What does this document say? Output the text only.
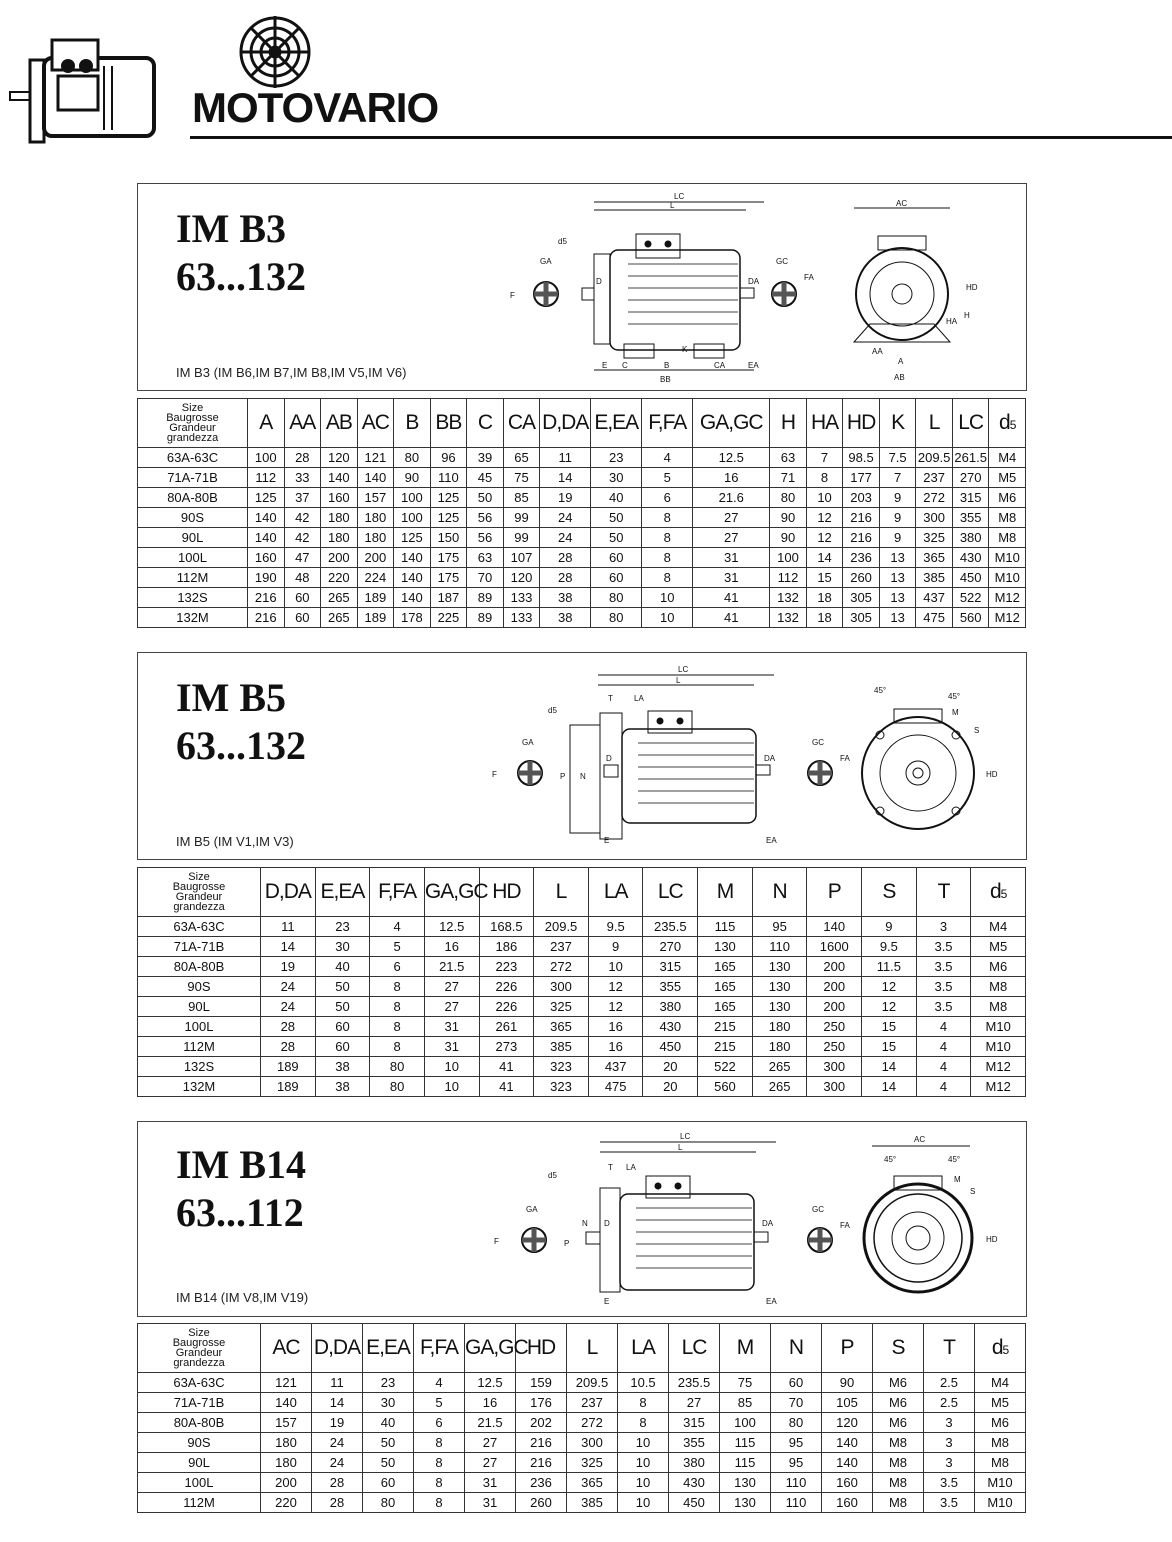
MOTOVARIO
IM B3
63...132
IM B3 (IM B6,IM B7,IM B8,IM V5,IM V6)
LC
L
GA
F
d5
D	DA
E C	B
K
CA	EA
BB
GC
FA
AC
HD
H
HA
AA
A
AB
Size
Baugrosse
Grandeur
grandezza	A	AA	AB	AC	B	BB	C	CA	D,DA	E,EA	F,FA	GA,GC	H	HA	HD	K	L	LC	d5
63A-63C	100	28	120	121	80	96	39	65	11	23	4	12.5	63	7	98.5	7.5	209.5	261.5	M4
71A-71B	112	33	140	140	90	110	45	75	14	30	5	16	71	8	177	7	237	270	M5
80A-80B	125	37	160	157	100	125	50	85	19	40	6	21.6	80	10	203	9	272	315	M6
90S	140	42	180	180	100	125	56	99	24	50	8	27	90	12	216	9	300	355	M8
90L	140	42	180	180	125	150	56	99	24	50	8	27	90	12	216	9	325	380	M8
100L	160	47	200	200	140	175	63	107	28	60	8	31	100	14	236	13	365	430	M10
112M	190	48	220	224	140	175	70	120	28	60	8	31	112	15	260	13	385	450	M10
132S	216	60	265	189	140	187	89	133	38	80	10	41	132	18	305	13	437	522	M12
132M	216	60	265	189	178	225	89	133	38	80	10	41	132	18	305	13	475	560	M12
IM B5
63...132
IM B5 (IM V1,IM V3)
LC
L
T	LA
GA
F
d5
P N
D	DA
E	EA
GC
FA
45°
45°
S
M
HD
Size
Baugrosse
Grandeur
grandezza	D,DA	E,EA	F,FA	GA,GC	HD	L	LA	LC	M	N	P	S	T	d5
63A-63C	11	23	4	12.5	168.5	209.5	9.5	235.5	115	95	140	9	3	M4
71A-71B	14	30	5	16	186	237	9	270	130	110	1600	9.5	3.5	M5
80A-80B	19	40	6	21.5	223	272	10	315	165	130	200	11.5	3.5	M6
90S	24	50	8	27	226	300	12	355	165	130	200	12	3.5	M8
90L	24	50	8	27	226	325	12	380	165	130	200	12	3.5	M8
100L	28	60	8	31	261	365	16	430	215	180	250	15	4	M10
112M	28	60	8	31	273	385	16	450	215	180	250	15	4	M10
132S	189	38	80	10	41	323	437	20	522	265	300	14	4	M12
132M	189	38	80	10	41	323	475	20	560	265	300	14	4	M12
IM B14
63...112
IM B14 (IM V8,IM V19)
LC
L
T LA
GA
F
d5
P
N D	DA
E	EA
GC
FA
AC
45°	45°
S
M
HD
Size
Baugrosse
Grandeur
grandezza	AC	D,DA	E,EA	F,FA	GA,GC	HD	L	LA	LC	M	N	P	S	T	d5
63A-63C	121	11	23	4	12.5	159	209.5	10.5	235.5	75	60	90	M6	2.5	M4
71A-71B	140	14	30	5	16	176	237	8	27	85	70	105	M6	2.5	M5
80A-80B	157	19	40	6	21.5	202	272	8	315	100	80	120	M6	3	M6
90S	180	24	50	8	27	216	300	10	355	115	95	140	M8	3	M8
90L	180	24	50	8	27	216	325	10	380	115	95	140	M8	3	M8
100L	200	28	60	8	31	236	365	10	430	130	110	160	M8	3.5	M10
112M	220	28	80	8	31	260	385	10	450	130	110	160	M8	3.5	M10
